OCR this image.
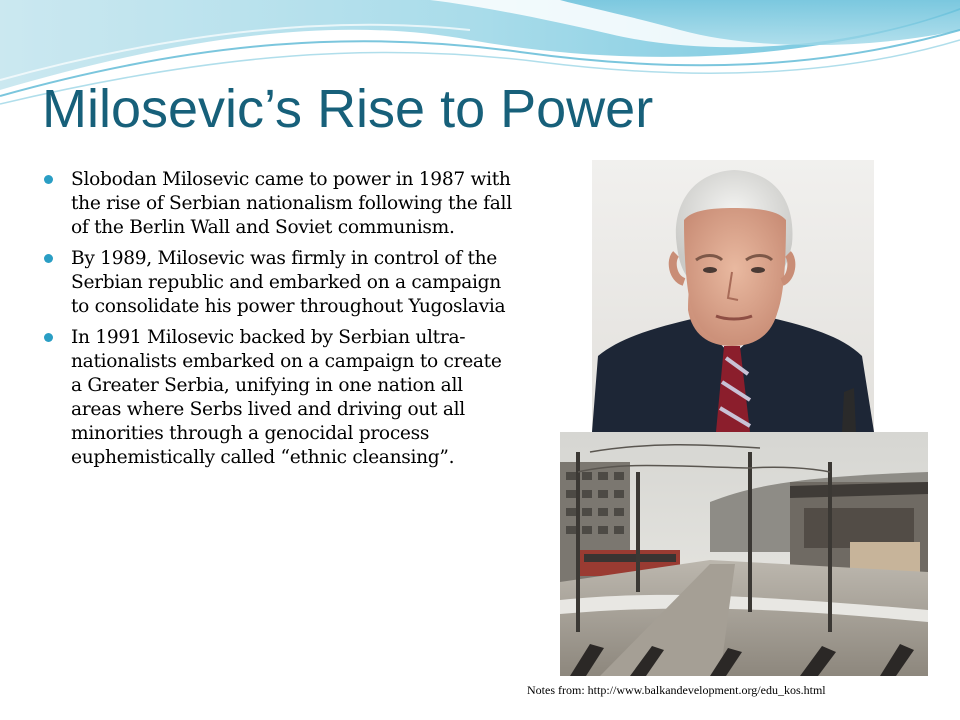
Milosevic’s Rise to Power
Slobodan Milosevic came to power in 1987 with the rise of Serbian nationalism following the fall of the Berlin Wall and Soviet communism.
By 1989, Milosevic was firmly in control of the Serbian republic and embarked on a campaign to consolidate his power throughout Yugoslavia
In 1991 Milosevic backed by Serbian ultra-nationalists embarked on a campaign to create a Greater Serbia, unifying in one nation all areas where Serbs lived and driving out all minorities through a genocidal process euphemistically called “ethnic cleansing”.
Notes from: http://www.balkandevelopment.org/edu_kos.html
